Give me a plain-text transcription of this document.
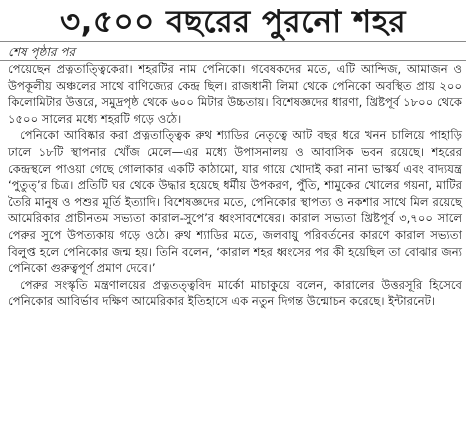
৩,৫০০ বছরের পুরনো শহর
শেষ পৃষ্ঠার পর

পেয়েছেন প্রত্নতাত্ত্বিকেরা। শহরটির নাম পেনিকো। গবেষকদের মতে, এটি আন্দিজ, আমাজন ও উপকূলীয় অঞ্চলের সাথে বাণিজ্যের কেন্দ্র ছিল। রাজধানী লিমা থেকে পেনিকো অবস্থিত প্রায় ২০০ কিলোমিটার উত্তরে, সমুদ্রপৃষ্ঠ থেকে ৬০০ মিটার উচ্চতায়। বিশেষজ্ঞদের ধারণা, খ্রিষ্টপূর্ব ১৮০০ থেকে ১৫০০ সালের মধ্যে শহরটি গড়ে ওঠে।

পেনিকো আবিষ্কার করা প্রত্নতাত্ত্বিক রুথ শ্যাডির নেতৃত্বে আট বছর ধরে খনন চালিয়ে পাহাড়ি ঢালে ১৮টি স্থাপনার খোঁজ মেলে—এর মধ্যে উপাসনালয় ও আবাসিক ভবন রয়েছে। শহরের কেন্দ্রস্থলে পাওয়া গেছে গোলাকার একটি কাঠামো, যার গায়ে খোদাই করা নানা ভাস্কর্য এবং বাদ্যযন্ত্র ‘পুতুত্’র চিত্র। প্রতিটি ঘর থেকে উদ্ধার হয়েছে ধর্মীয় উপকরণ, পুঁতি, শামুকের খোলের গয়না, মাটির তৈরি মানুষ ও পশুর মূর্তি ইত্যাদি। বিশেষজ্ঞদের মতে, পেনিকোর স্থাপত্য ও নকশার সাথে মিল রয়েছে আমেরিকার প্রাচীনতম সভ্যতা কারাল-সুপে’র ধ্বংসাবশেষের। কারাল সভ্যতা খ্রিষ্টপূর্ব ৩,৭০০ সালে পেরুর সুপে উপত্যকায় গড়ে ওঠে। রুথ শ্যাডির মতে, জলবায়ু পরিবর্তনের কারণে কারাল সভ্যতা বিলুপ্ত হলে পেনিকোর জন্ম হয়। তিনি বলেন, ‘কারাল শহর ধ্বংসের পর কী হয়েছিল তা বোঝার জন্য পেনিকো গুরুত্বপূর্ণ প্রমাণ দেবে।’

পেরুর সংস্কৃতি মন্ত্রণালয়ের প্রত্নতত্ত্ববিদ মার্কো মাচাকুয়ে বলেন, কারালের উত্তরসূরি হিসেবে পেনিকোর আবির্ভাব দক্ষিণ আমেরিকার ইতিহাসে এক নতুন দিগন্ত উন্মোচন করেছে। ইন্টারনেট।
